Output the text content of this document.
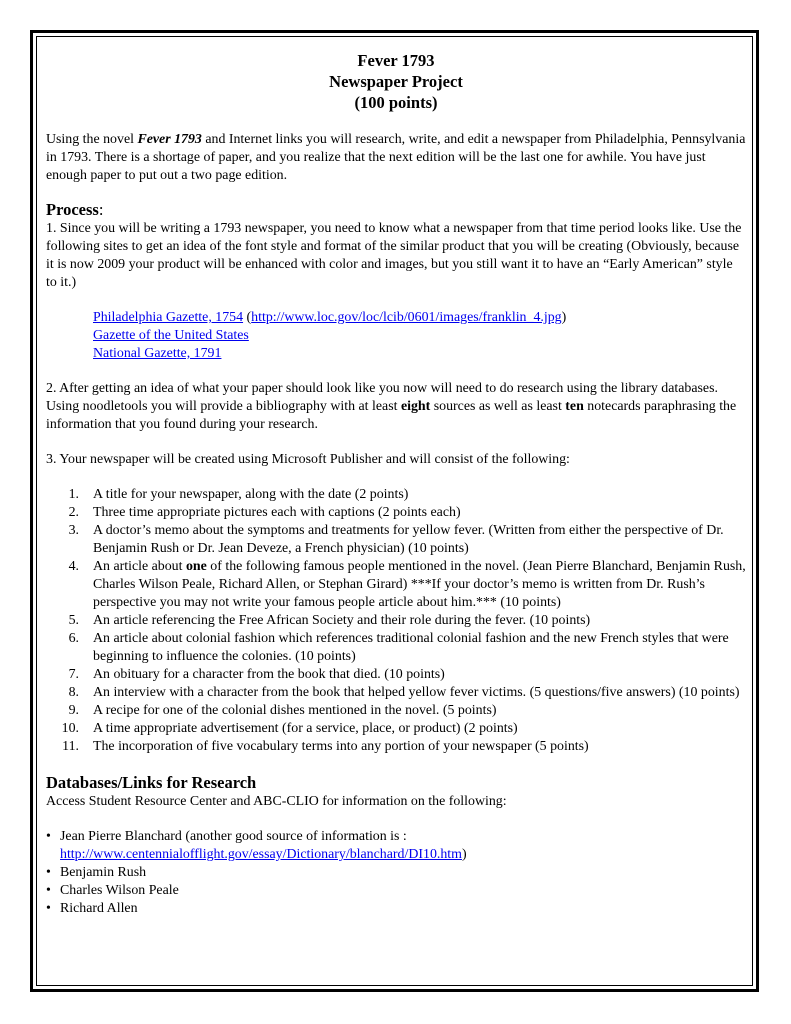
Fever 1793
Newspaper Project
(100 points)

Using the novel Fever 1793 and Internet links you will research, write, and edit a newspaper from Philadelphia, Pennsylvania in 1793. There is a shortage of paper, and you realize that the next edition will be the last one for awhile. You have just enough paper to put out a two page edition.

Process:

1. Since you will be writing a 1793 newspaper, you need to know what a newspaper from that time period looks like. Use the following sites to get an idea of the font style and format of the similar product that you will be creating (Obviously, because it is now 2009 your product will be enhanced with color and images, but you still want it to have an “Early American” style to it.)

Philadelphia Gazette, 1754 (http://www.loc.gov/loc/lcib/0601/images/franklin_4.jpg)
Gazette of the United States
National Gazette, 1791

2. After getting an idea of what your paper should look like you now will need to do research using the library databases. Using noodletools you will provide a bibliography with at least eight sources as well as least ten notecards paraphrasing the information that you found during your research.

3. Your newspaper will be created using Microsoft Publisher and will consist of the following:

1. A title for your newspaper, along with the date (2 points)
2. Three time appropriate pictures each with captions (2 points each)
3. A doctor’s memo about the symptoms and treatments for yellow fever. (Written from either the perspective of Dr. Benjamin Rush or Dr. Jean Deveze, a French physician) (10 points)
4. An article about one of the following famous people mentioned in the novel. (Jean Pierre Blanchard, Benjamin Rush, Charles Wilson Peale, Richard Allen, or Stephan Girard) ***If your doctor’s memo is written from Dr. Rush’s perspective you may not write your famous people article about him.*** (10 points)
5. An article referencing the Free African Society and their role during the fever. (10 points)
6. An article about colonial fashion which references traditional colonial fashion and the new French styles that were beginning to influence the colonies. (10 points)
7. An obituary for a character from the book that died. (10 points)
8. An interview with a character from the book that helped yellow fever victims. (5 questions/five answers) (10 points)
9. A recipe for one of the colonial dishes mentioned in the novel. (5 points)
10. A time appropriate advertisement (for a service, place, or product) (2 points)
11. The incorporation of five vocabulary terms into any portion of your newspaper (5 points)
Databases/Links for Research

Access Student Resource Center and ABC-CLIO for information on the following:

• Jean Pierre Blanchard (another good source of information is :
http://www.centennialofflight.gov/essay/Dictionary/blanchard/DI10.htm)
• Benjamin Rush
• Charles Wilson Peale
• Richard Allen
